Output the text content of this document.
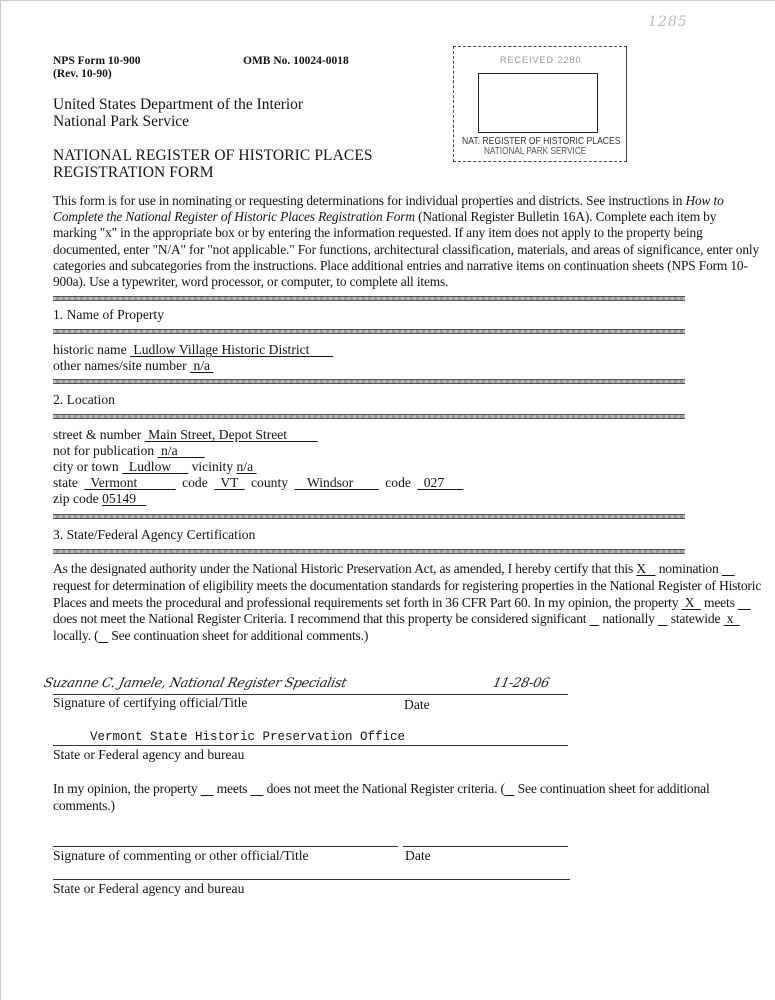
NPS Form 10-900
(Rev. 10-90)
OMB No. 10024-0018
United States Department of the Interior
National Park Service
NATIONAL REGISTER OF HISTORIC PLACES
REGISTRATION FORM
RECEIVED 2280
NAT. REGISTER OF HISTORIC PLACES
NATIONAL PARK SERVICE
1285
This form is for use in nominating or requesting determinations for individual properties and districts. See instructions in How to Complete the National Register of Historic Places Registration Form (National Register Bulletin 16A). Complete each item by marking "x" in the appropriate box or by entering the information requested. If any item does not apply to the property being documented, enter "N/A" for "not applicable." For functions, architectural classification, materials, and areas of significance, enter only categories and subcategories from the instructions. Place additional entries and narrative items on continuation sheets (NPS Form 10-900a). Use a typewriter, word processor, or computer, to complete all items.
1. Name of Property
historic name  Ludlow Village Historic District
other names/site number  n/a
2. Location
street & number  Main Street, Depot Street
not for publication  n/a
city or town   Ludlow      vicinity n/a
state  Vermont       code  VT  county   Windsor     code  027
zip code 05149
3. State/Federal Agency Certification
As the designated authority under the National Historic Preservation Act, as amended, I hereby certify that this X    nomination      request for determination of eligibility meets the documentation standards for registering properties in the National Register of Historic Places and meets the procedural and professional requirements set forth in 36 CFR Part 60. In my opinion, the property  X   meets      does not meet the National Register Criteria. I recommend that this property be considered significant     nationally     statewide  x   locally. (    See continuation sheet for additional comments.)
Suzanne C. Jamele, National Register Specialist	11-28-06
Signature of certifying official/Title	Date
Vermont State Historic Preservation Office
State or Federal agency and bureau
In my opinion, the property      meets      does not meet the National Register criteria. (    See continuation sheet for additional comments.)
Signature of commenting or other official/Title	Date
State or Federal agency and bureau
